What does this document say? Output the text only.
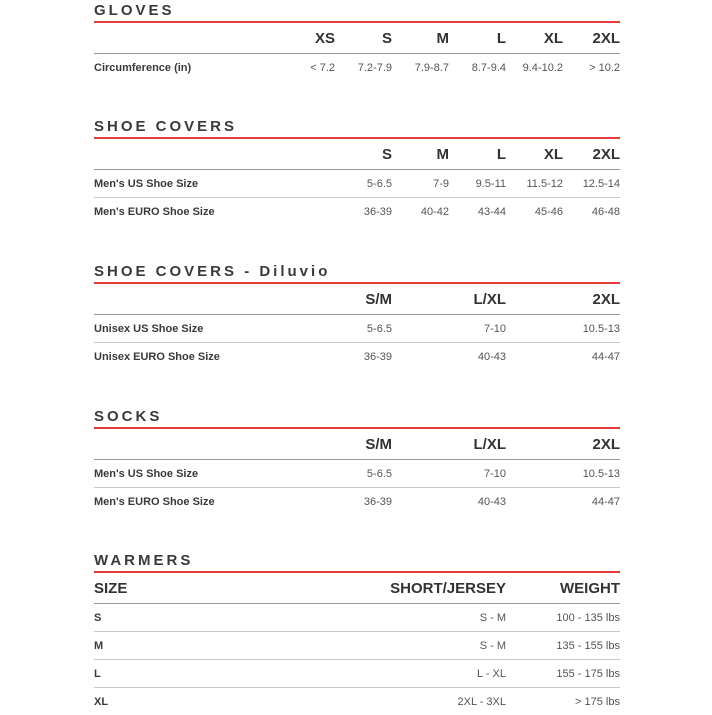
GLOVES
	XS	S	M	L	XL	2XL
Circumference (in)	< 7.2	7.2-7.9	7.9-8.7	8.7-9.4	9.4-10.2	> 10.2
SHOE COVERS
	S	M	L	XL	2XL
Men's US Shoe Size	5-6.5	7-9	9.5-11	11.5-12	12.5-14
Men's EURO Shoe Size	36-39	40-42	43-44	45-46	46-48
SHOE COVERS - Diluvio
	S/M	L/XL	2XL
Unisex US Shoe Size	5-6.5	7-10	10.5-13
Unisex EURO Shoe Size	36-39	40-43	44-47
SOCKS
	S/M	L/XL	2XL
Men's US Shoe Size	5-6.5	7-10	10.5-13
Men's EURO Shoe Size	36-39	40-43	44-47
WARMERS
SIZE	SHORT/JERSEY	WEIGHT
S	S - M	100 - 135 lbs
M	S - M	135 - 155 lbs
L	L - XL	155 - 175 lbs
XL	2XL - 3XL	> 175 lbs
